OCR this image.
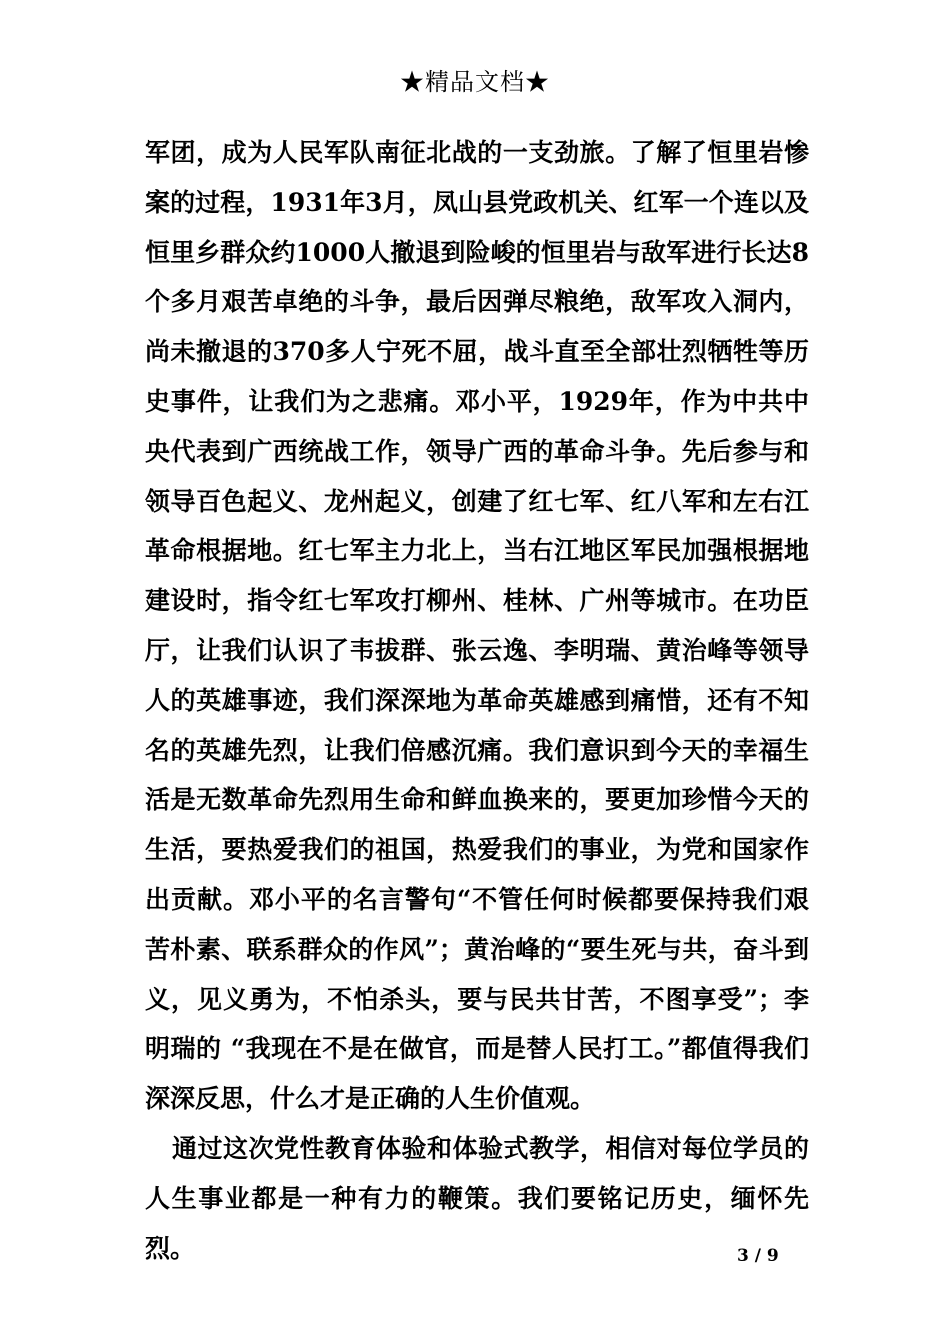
★精品文档★

军团，成为人民军队南征北战的一支劲旅。了解了恒里岩惨案的过程，1931年3月，凤山县党政机关、红军一个连以及恒里乡群众约1000人撤退到险峻的恒里岩与敌军进行长达8个多月艰苦卓绝的斗争，最后因弹尽粮绝，敌军攻入洞内，尚未撤退的370多人宁死不屈，战斗直至全部壮烈牺牲等历史事件，让我们为之悲痛。邓小平，1929年，作为中共中央代表到广西统战工作，领导广西的革命斗争。先后参与和领导百色起义、龙州起义，创建了红七军、红八军和左右江革命根据地。红七军主力北上，当右江地区军民加强根据地建设时，指令红七军攻打柳州、桂林、广州等城市。在功臣厅，让我们认识了韦拔群、张云逸、李明瑞、黄治峰等领导人的英雄事迹，我们深深地为革命英雄感到痛惜，还有不知名的英雄先烈，让我们倍感沉痛。我们意识到今天的幸福生活是无数革命先烈用生命和鲜血换来的，要更加珍惜今天的生活，要热爱我们的祖国，热爱我们的事业，为党和国家作出贡献。邓小平的名言警句“不管任何时候都要保持我们艰苦朴素、联系群众的作风”；黄治峰的“要生死与共，奋斗到义，见义勇为，不怕杀头，要与民共甘苦，不图享受”；李明瑞的 “我现在不是在做官，而是替人民打工。”都值得我们深深反思，什么才是正确的人生价值观。

通过这次党性教育体验和体验式教学，相信对每位学员的人生事业都是一种有力的鞭策。我们要铭记历史，缅怀先烈。	3 / 9
